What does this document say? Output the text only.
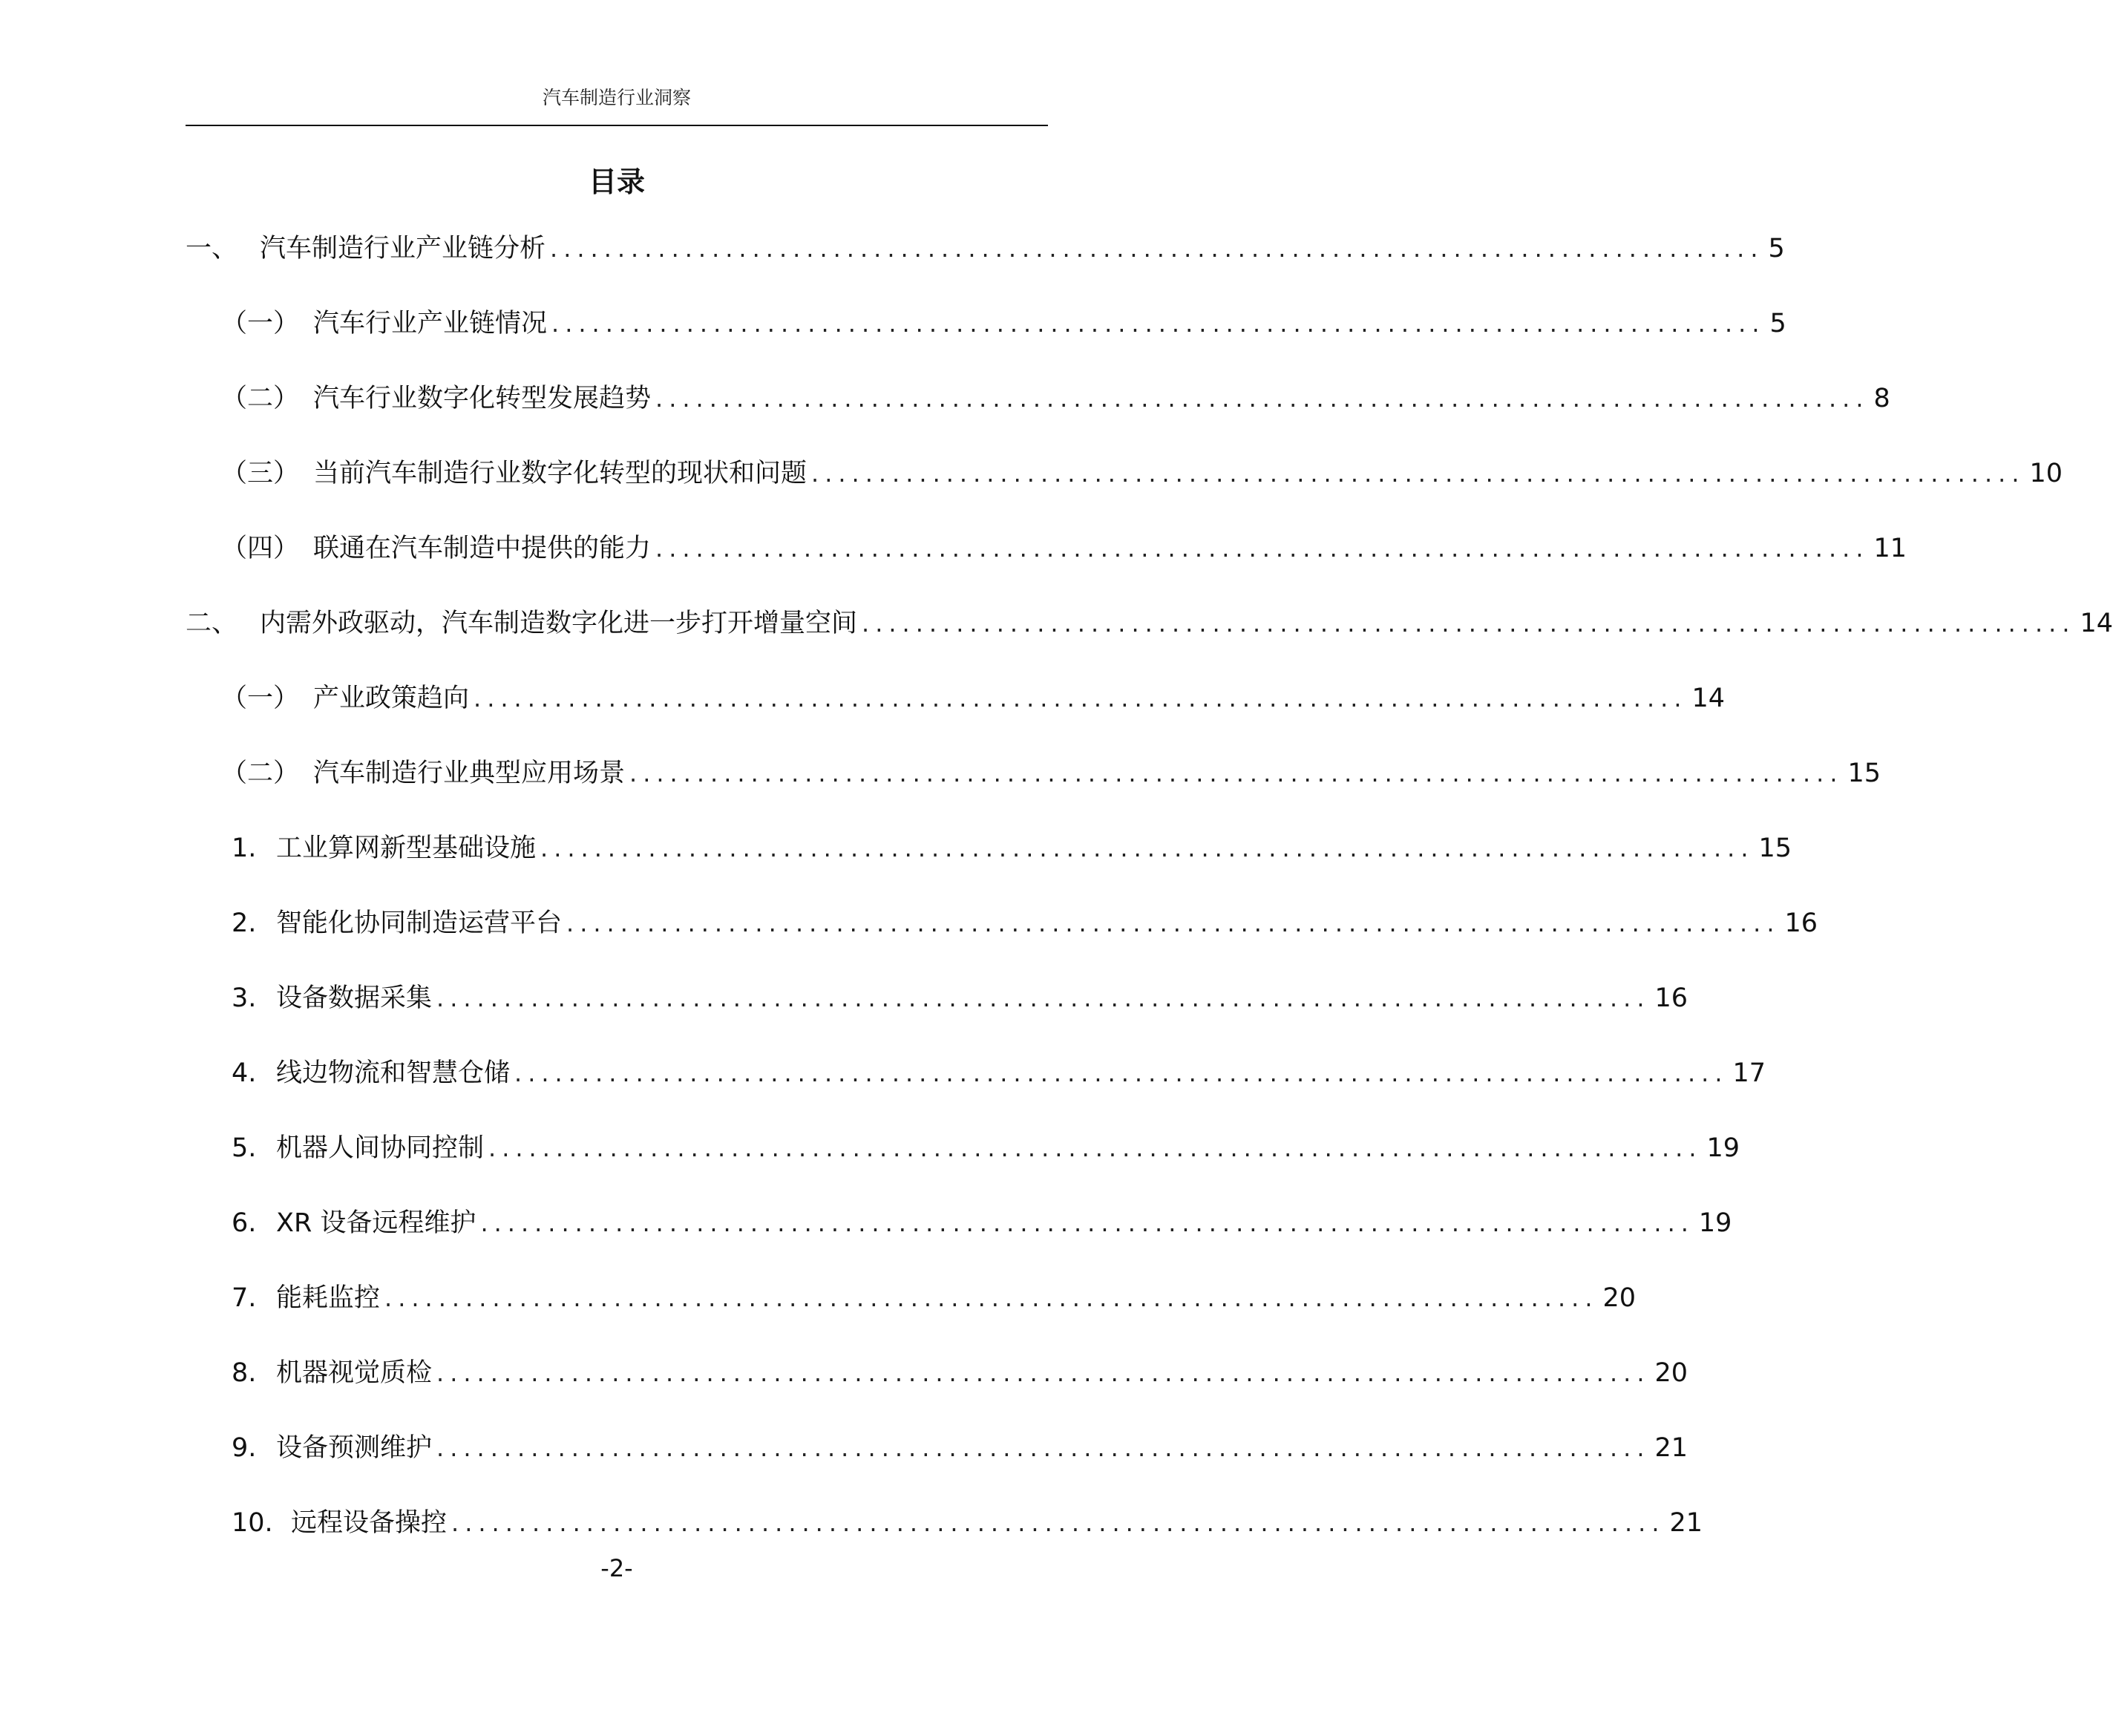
汽车制造行业洞察
目录
一、 汽车制造行业产业链分析 .......................................................................................... 5
（一） 汽车行业产业链情况 .......................................................................................... 5
（二） 汽车行业数字化转型发展趋势 .......................................................................................... 8
（三） 当前汽车制造行业数字化转型的现状和问题 .......................................................................................... 10
（四） 联通在汽车制造中提供的能力 .......................................................................................... 11
二、 内需外政驱动，汽车制造数字化进一步打开增量空间 .......................................................................................... 14
（一） 产业政策趋向 .......................................................................................... 14
（二） 汽车制造行业典型应用场景 .......................................................................................... 15
1. 工业算网新型基础设施 .......................................................................................... 15
2. 智能化协同制造运营平台 .......................................................................................... 16
3. 设备数据采集 .......................................................................................... 16
4. 线边物流和智慧仓储 .......................................................................................... 17
5. 机器人间协同控制 .......................................................................................... 19
6. XR 设备远程维护 .......................................................................................... 19
7. 能耗监控 .......................................................................................... 20
8. 机器视觉质检 .......................................................................................... 20
9. 设备预测维护 .......................................................................................... 21
10. 远程设备操控 .......................................................................................... 21
-2-
